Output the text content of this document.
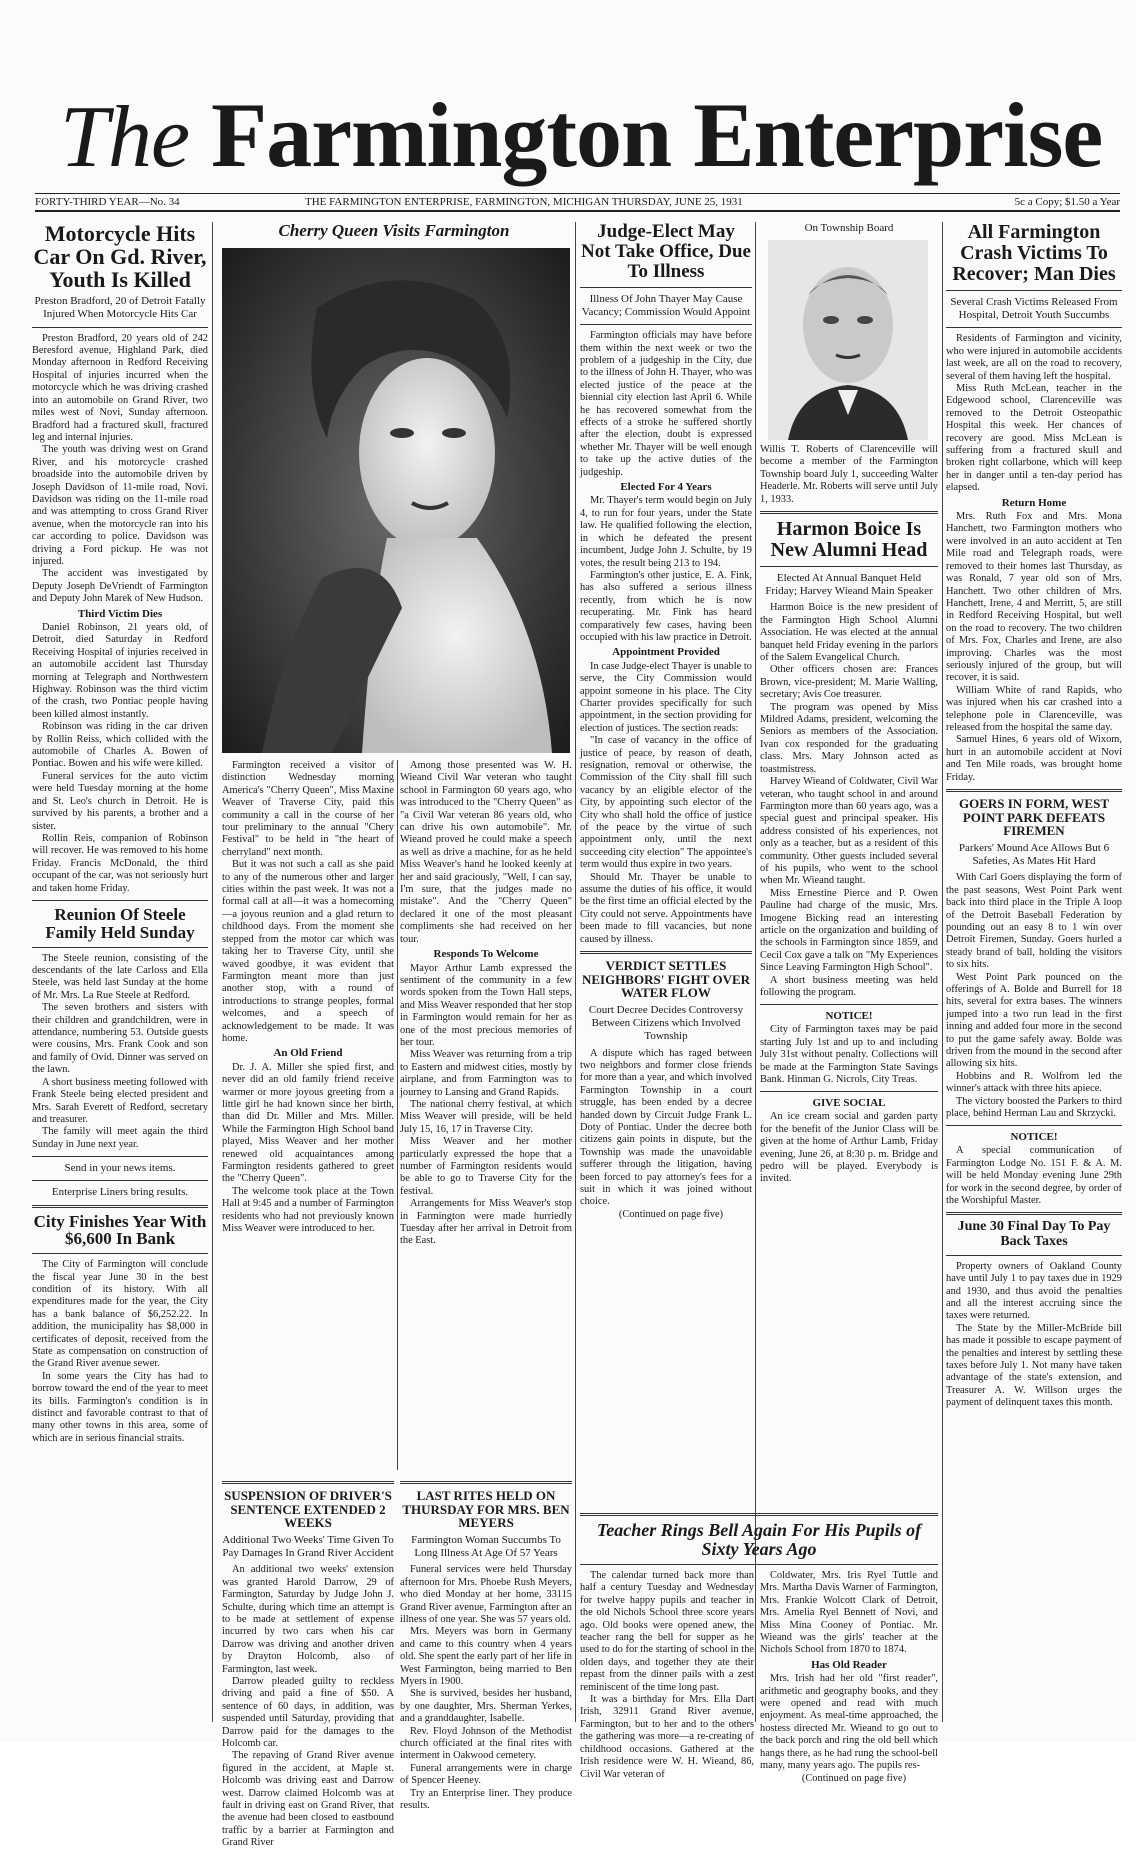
The Farmington Enterprise
FORTY-THIRD YEAR—No. 34	THE FARMINGTON ENTERPRISE, FARMINGTON, MICHIGAN THURSDAY, JUNE 25, 1931	5c a Copy; $1.50 a Year
Motorcycle Hits Car On Gd. River, Youth Is Killed
Preston Bradford, 20 of Detroit Fatally Injured When Motorcycle Hits Car

Preston Bradford, 20 years old of 242 Beresford avenue, Highland Park, died Monday afternoon in Redford Receiving Hospital of injuries incurred when the motorcycle which he was driving crashed into an automobile on Grand River, two miles west of Novi, Sunday afternoon. Bradford had a fractured skull, fractured leg and internal injuries.

The youth was driving west on Grand River, and his motorcycle crashed broadside into the automobile driven by Joseph Davidson of 11-mile road, Novi. Davidson was riding on the 11-mile road and was attempting to cross Grand River avenue, when the motorcycle ran into his car according to police. Davidson was driving a Ford pickup. He was not injured.

The accident was investigated by Deputy Joseph DeVriendt of Farmington and Deputy John Marek of New Hudson.

Third Victim Dies

Daniel Robinson, 21 years old, of Detroit, died Saturday in Redford Receiving Hospital of injuries received in an automobile accident last Thursday morning at Telegraph and Northwestern Highway. Robinson was the third victim of the crash, two Pontiac people having been killed almost instantly.

Robinson was riding in the car driven by Rollin Reiss, which collided with the automobile of Charles A. Bowen of Pontiac. Bowen and his wife were killed.

Funeral services for the auto victim were held Tuesday morning at the home and St. Leo's church in Detroit. He is survived by his parents, a brother and a sister.

Rollin Reis, companion of Robinson will recover. He was removed to his home Friday. Francis McDonald, the third occupant of the car, was not seriously hurt and taken home Friday.

Reunion Of Steele Family Held Sunday

The Steele reunion, consisting of the descendants of the late Carloss and Ella Steele, was held last Sunday at the home of Mr. Mrs. La Rue Steele at Redford.

The seven brothers and sisters with their children and grandchildren, were in attendance, numbering 53. Outside guests were cousins, Mrs. Frank Cook and son and family of Ovid. Dinner was served on the lawn.

A short business meeting followed with Frank Steele being elected president and Mrs. Sarah Everett of Redford, secretary and treasurer.

The family will meet again the third Sunday in June next year.

Send in your news items.
Enterprise Liners bring results.
City Finishes Year With $6,600 In Bank

The City of Farmington will conclude the fiscal year June 30 in the best condition of its history. With all expenditures made for the year, the City has a bank balance of $6,252.22. In addition, the municipality has $8,000 in certificates of deposit, received from the State as compensation on construction of the Grand River avenue sewer.

In some years the City has had to borrow toward the end of the year to meet its bills. Farmington's condition is in distinct and favorable contrast to that of many other towns in this area, some of which are in serious financial straits.

Cherry Queen Visits Farmington

Farmington received a visitor of distinction Wednesday morning America's "Cherry Queen", Miss Maxine Weaver of Traverse City, paid this community a call in the course of her tour preliminary to the annual "Chery Festival" to be held in "the heart of cherryland" next month.

But it was not such a call as she paid to any of the numerous other and larger cities within the past week. It was not a formal call at all—it was a homecoming—a joyous reunion and a glad return to childhood days. From the moment she stepped from the motor car which was taking her to Traverse City, until she waved goodbye, it was evident that Farmington meant more than just another stop, with a round of introductions to strange peoples, formal welcomes, and a speech of acknowledgement to be made. It was home.

An Old Friend

Dr. J. A. Miller she spied first, and never did an old family friend receive warmer or more joyous greeting from a little girl he had known since her birth, than did Dr. Miller and Mrs. Miller. While the Farmington High School band played, Miss Weaver and her mother renewed old acquaintances among Farmington residents gathered to greet the "Cherry Queen".

The welcome took place at the Town Hall at 9:45 and a number of Farmington residents who had not previously known Miss Weaver were introduced to her.

Among those presented was W. H. Wieand Civil War veteran who taught school in Farmington 60 years ago, who was introduced to the "Cherry Queen" as "a Civil War veteran 86 years old, who can drive his own automobile". Mr. Wieand proved he could make a speech as well as drive a machine, for as he held Miss Weaver's hand he looked keenly at her and said graciously, "Well, I can say, I'm sure, that the judges made no mistake". And the "Cherry Queen" declared it one of the most pleasant compliments she had received on her tour.

Responds To Welcome

Mayor Arthur Lamb expressed the sentiment of the community in a few words spoken from the Town Hall steps, and Miss Weaver responded that her stop in Farmington would remain for her as one of the most precious memories of her tour.

Miss Weaver was returning from a trip to Eastern and midwest cities, mostly by airplane, and from Farmington was to journey to Lansing and Grand Rapids.

The national cherry festival, at which Miss Weaver will preside, will be held July 15, 16, 17 in Traverse City.

Miss Weaver and her mother particularly expressed the hope that a number of Farmington residents would be able to go to Traverse City for the festival.

Arrangements for Miss Weaver's stop in Farmington were made hurriedly Tuesday after her arrival in Detroit from the East.

SUSPENSION OF DRIVER'S SENTENCE EXTENDED 2 WEEKS
Additional Two Weeks' Time Given To Pay Damages In Grand River Accident

An additional two weeks' extension was granted Harold Darrow, 29 of Farmington, Saturday by Judge John J. Schulte, during which time an attempt is to be made at settlement of expense incurred by two cars when his car Darrow was driving and another driven by Drayton Holcomb, also of Farmington, last week.

Darrow pleaded guilty to reckless driving and paid a fine of $50. A sentence of 60 days, in addition, was suspended until Saturday, providing that Darrow paid for the damages to the Holcomb car.

The repaving of Grand River avenue figured in the accident, at Maple st. Holcomb was driving east and Darrow west. Darrow claimed Holcomb was at fault in driving east on Grand River, that the avenue had been closed to eastbound traffic by a barrier at Farmington and Grand River

LAST RITES HELD ON THURSDAY FOR MRS. BEN MEYERS
Farmington Woman Succumbs To Long Illness At Age Of 57 Years

Funeral services were held Thursday afternoon for Mrs. Phoebe Rush Meyers, who died Monday at her home, 33115 Grand River avenue, Farmington after an illness of one year. She was 57 years old.

Mrs. Meyers was born in Germany and came to this country when 4 years old. She spent the early part of her life in West Farmington, being married to Ben Myers in 1900.

She is survived, besides her husband, by one daughter, Mrs. Sherman Yerkes, and a granddaughter, Isabelle.

Rev. Floyd Johnson of the Methodist church officiated at the final rites with interment in Oakwood cemetery.

Funeral arrangements were in charge of Spencer Heeney.

Try an Enterprise liner. They produce results.

Judge-Elect May Not Take Office, Due To Illness
Illness Of John Thayer May Cause Vacancy; Commission Would Appoint

Farmington officials may have before them within the next week or two the problem of a judgeship in the City, due to the illness of John H. Thayer, who was elected justice of the peace at the biennial city election last April 6. While he has recovered somewhat from the effects of a stroke he suffered shortly after the election, doubt is expressed whether Mr. Thayer will be well enough to take up the active duties of the judgeship.

Elected For 4 Years

Mr. Thayer's term would begin on July 4, to run for four years, under the State law. He qualified following the election, in which he defeated the present incumbent, Judge John J. Schulte, by 19 votes, the result being 213 to 194.

Farmington's other justice, E. A. Fink, has also suffered a serious illness recently, from which he is now recuperating. Mr. Fink has heard comparatively few cases, having been occupied with his law practice in Detroit.

Appointment Provided

In case Judge-elect Thayer is unable to serve, the City Commission would appoint someone in his place. The City Charter provides specifically for such appointment, in the section providing for election of justices. The section reads:

"In case of vacancy in the office of justice of peace, by reason of death, resignation, removal or otherwise, the Commission of the City shall fill such vacancy by an eligible elector of the City, by appointing such elector of the City who shall hold the office of justice of the peace by the virtue of such appointment only, until the next succeeding city election" The appointee's term would thus expire in two years.

Should Mr. Thayer be unable to assume the duties of his office, it would be the first time an official elected by the City could not serve. Appointments have been made to fill vacancies, but none caused by illness.

VERDICT SETTLES NEIGHBORS' FIGHT OVER WATER FLOW
Court Decree Decides Controversy Between Citizens which Involved Township

A dispute which has raged between two neighbors and former close friends for more than a year, and which involved Farmington Township in a court struggle, has been ended by a decree handed down by Circuit Judge Frank L. Doty of Pontiac. Under the decree both citizens gain points in dispute, but the Township was made the unavoidable sufferer through the litigation, having been forced to pay attorney's fees for a suit in which it was joined without choice.

(Continued on page five)

On Township Board
Willis T. Roberts of Clarenceville will become a member of the Farmington Township board July 1, succeeding Walter Headerle. Mr. Roberts will serve until July 1, 1933.
Harmon Boice Is New Alumni Head
Elected At Annual Banquet Held Friday; Harvey Wieand Main Speaker

Harmon Boice is the new president of the Farmington High School Alumni Association. He was elected at the annual banquet held Friday evening in the parlors of the Salem Evangelical Church.

Other officers chosen are: Frances Brown, vice-president; M. Marie Walling, secretary; Avis Coe treasurer.

The program was opened by Miss Mildred Adams, president, welcoming the Seniors as members of the Association. Ivan cox responded for the graduating class. Mrs. Mary Johnson acted as toastmistress.

Harvey Wieand of Coldwater, Civil War veteran, who taught school in and around Farmington more than 60 years ago, was a special guest and principal speaker. His address consisted of his experiences, not only as a teacher, but as a resident of this community. Other guests included several of his pupils, who went to the school when Mr. Wieand taught.

Miss Ernestine Pierce and P. Owen Pauline had charge of the music, Mrs. Imogene Bicking read an interesting article on the organization and building of the schools in Farmington since 1859, and Cecil Cox gave a talk on "My Experiences Since Leaving Farmington High School".

A short business meeting was held following the program.

NOTICE!

City of Farmington taxes may be paid starting July 1st and up to and including July 31st without penalty. Collections will be made at the Farmington State Savings Bank. Hinman G. Nicrols, City Treas.

GIVE SOCIAL

An ice cream social and garden party for the benefit of the Junior Class will be given at the home of Arthur Lamb, Friday evening, June 26, at 8:30 p. m. Bridge and pedro will be played. Everybody is invited.

Teacher Rings Bell Again For His Pupils of Sixty Years Ago

The calendar turned back more than half a century Tuesday and Wednesday for twelve happy pupils and teacher in the old Nichols School three score years ago. Old books were opened anew, the teacher rang the bell for supper as he used to do for the starting of school in the olden days, and together they ate their repast from the dinner pails with a zest reminiscent of the time long past.

It was a birthday for Mrs. Ella Dart Irish, 32911 Grand River avenue, Farmington, but to her and to the others the gathering was more—a re-creating of childhood occasions. Gathered at the Irish residence were W. H. Wieand, 86, Civil War veteran of

Coldwater, Mrs. Iris Ryel Tuttle and Mrs. Martha Davis Warner of Farmington, Mrs. Frankie Wolcott Clark of Detroit, Mrs. Amelia Ryel Bennett of Novi, and Miss Mina Cooney of Pontiac. Mr. Wieand was the girls' teacher at the Nichols School from 1870 to 1874.

Has Old Reader

Mrs. Irish had her old "first reader", arithmetic and geography books, and they were opened and read with much enjoyment. As meal-time approached, the hostess directed Mr. Wieand to go out to the back porch and ring the old bell which hangs there, as he had rung the school-bell many, many years ago. The pupils res-

(Continued on page five)

All Farmington Crash Victims To Recover; Man Dies
Several Crash Victims Released From Hospital, Detroit Youth Succumbs

Residents of Farmington and vicinity, who were injured in automobile accidents last week, are all on the road to recovery, several of them having left the hospital.

Miss Ruth McLean, teacher in the Edgewood school, Clarenceville was removed to the Detroit Osteopathic Hospital this week. Her chances of recovery are good. Miss McLean is suffering from a fractured skull and broken right collarbone, which will keep her in danger until a ten-day period has elapsed.

Return Home

Mrs. Ruth Fox and Mrs. Mona Hanchett, two Farmington mothers who were involved in an auto accident at Ten Mile road and Telegraph roads, were removed to their homes last Thursday, as was Ronald, 7 year old son of Mrs. Hanchett. Two other children of Mrs. Hanchett, Irene, 4 and Merritt, 5, are still in Redford Receiving Hospital, but well on the road to recovery. The two children of Mrs. Fox, Charles and Irene, are also improving. Charles was the most seriously injured of the group, but will recover, it is said.

William White of rand Rapids, who was injured when his car crashed into a telephone pole in Clarenceville, was released from the hospital the same day.

Samuel Hines, 6 years old of Wixom, hurt in an automobile accident at Novi and Ten Mile roads, was brought home Friday.

GOERS IN FORM, WEST POINT PARK DEFEATS FIREMEN
Parkers' Mound Ace Allows But 6 Safeties, As Mates Hit Hard

With Carl Goers displaying the form of the past seasons, West Point Park went back into third place in the Triple A loop of the Detroit Baseball Federation by pounding out an easy 8 to 1 win over Detroit Firemen, Sunday. Goers hurled a steady brand of ball, holding the visitors to six hits.

West Point Park pounced on the offerings of A. Bolde and Burrell for 18 hits, several for extra bases. The winners jumped into a two run lead in the first inning and added four more in the second to put the game safely away. Bolde was driven from the mound in the second after allowing six hits.

Hobbins and R. Wolfrom led the winner's attack with three hits apiece.

The victory boosted the Parkers to third place, behind Herman Lau and Skrzycki.

NOTICE!

A special communication of Farmington Lodge No. 151 F. & A. M. will be held Monday evening June 29th for work in the second degree, by order of the Worshipful Master.

June 30 Final Day To Pay Back Taxes

Property owners of Oakland County have until July 1 to pay taxes due in 1929 and 1930, and thus avoid the penalties and all the interest accruing since the taxes were returned.

The State by the Miller-McBride bill has made it possible to escape payment of the penalties and interest by settling these taxes before July 1. Not many have taken advantage of the state's extension, and Treasurer A. W. Willson urges the payment of delinquent taxes this month.
